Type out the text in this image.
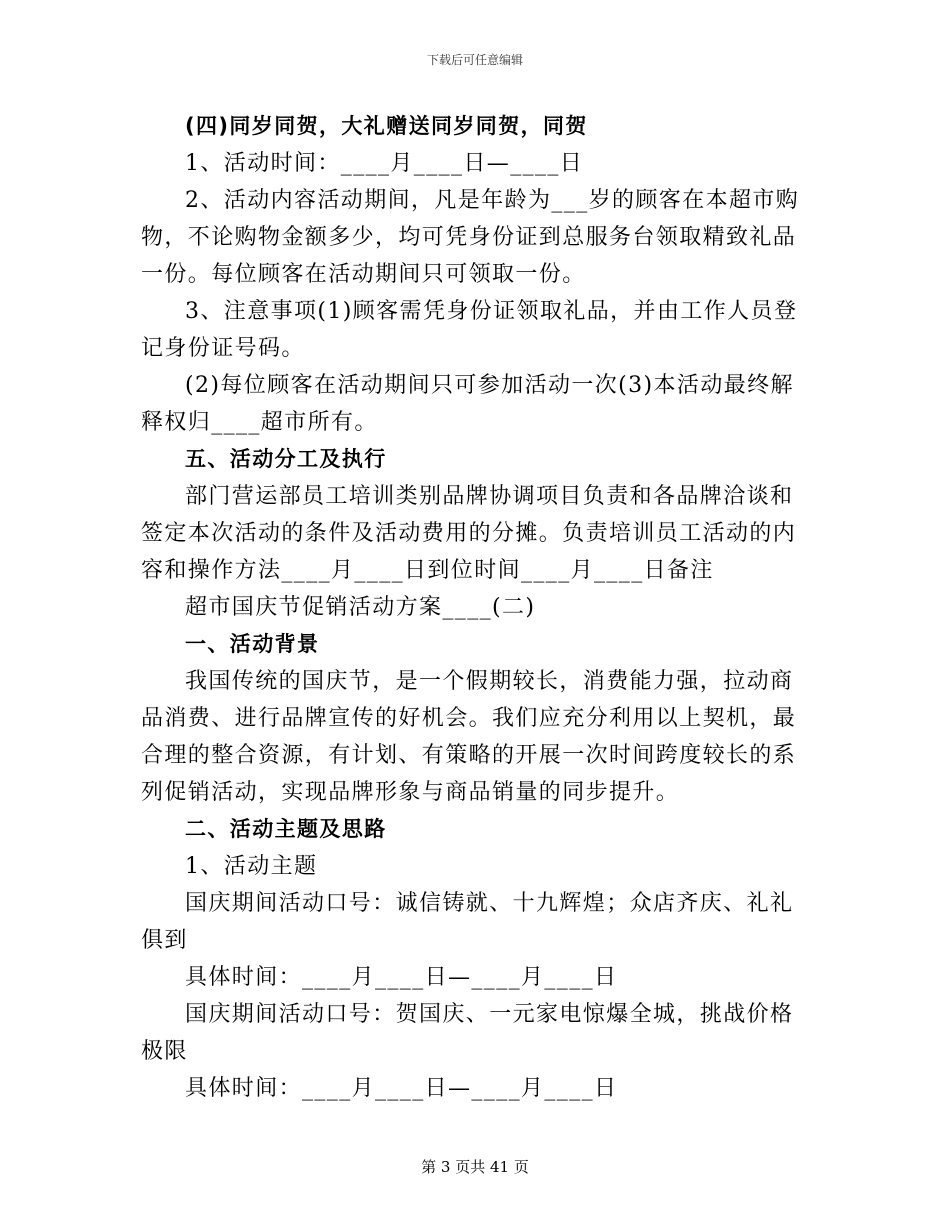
下载后可任意编辑

(四)同岁同贺，大礼赠送同岁同贺，同贺

1、活动时间：____月____日—____日

2、活动内容活动期间，凡是年龄为___岁的顾客在本超市购物，不论购物金额多少，均可凭身份证到总服务台领取精致礼品一份。每位顾客在活动期间只可领取一份。

3、注意事项(1)顾客需凭身份证领取礼品，并由工作人员登记身份证号码。

(2)每位顾客在活动期间只可参加活动一次(3)本活动最终解释权归____超市所有。

五、活动分工及执行

部门营运部员工培训类别品牌协调项目负责和各品牌洽谈和签定本次活动的条件及活动费用的分摊。负责培训员工活动的内容和操作方法____月____日到位时间____月____日备注

超市国庆节促销活动方案____(二)

一、活动背景

我国传统的国庆节，是一个假期较长，消费能力强，拉动商品消费、进行品牌宣传的好机会。我们应充分利用以上契机，最合理的整合资源，有计划、有策略的开展一次时间跨度较长的系列促销活动，实现品牌形象与商品销量的同步提升。

二、活动主题及思路

1、活动主题

国庆期间活动口号：诚信铸就、十九辉煌；众店齐庆、礼礼俱到

具体时间：____月____日—____月____日

国庆期间活动口号：贺国庆、一元家电惊爆全城，挑战价格极限

具体时间：____月____日—____月____日

第 3 页共 41 页
